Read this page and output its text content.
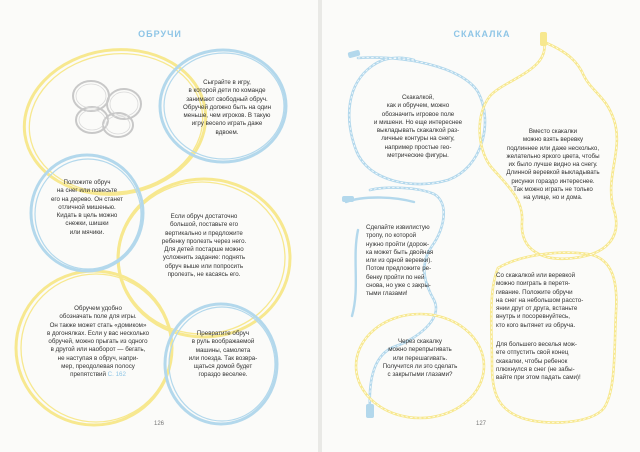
ОБРУЧИ
Сыграйте в игру,
в которой дети по команде
занимают свободный обруч.
Обручей должно быть на один
меньше, чем игроков. В такую
игру весело играть даже
вдвоем.
Положите обруч
на снег или повесьте
его на дерево. Он станет
отличной мишенью.
Кидать в цель можно
снежки, шишки
или мячики.
Если обруч достаточно
большой, поставьте его
вертикально и предложите
ребенку пролезть через него.
Для детей постарше можно
усложнить задание: поднять
обруч выше или попросить
пролезть, не касаясь его.
Обручем удобно
обозначать поле для игры.
Он также может стать «домиком»
в догонялках. Если у вас несколько
обручей, можно прыгать из одного
в другой или наоборот — бегать,
не наступая в обруч, напри-
мер, преодолевая полосу
препятствий С. 162
Превратите обруч
в руль воображаемой
машины, самолета
или поезда. Так возвра-
щаться домой будет
гораздо веселее.
126
СКАКАЛКА
Скакалкой,
как и обручем, можно
обозначить игровое поле
и мишени. Но еще интереснее
выкладывать скакалкой раз-
личные контуры на снегу,
например простые гео-
метрические фигуры.
Вместо скакалки
можно взять веревку
подлиннее или даже несколько,
желательно яркого цвета, чтобы
их было лучше видно на снегу.
Длинной веревкой выкладывать
рисунки гораздо интереснее.
Так можно играть не только
на улице, но и дома.
Сделайте извилистую
тропу, по которой
нужно пройти (дорож-
ка может быть двойная
или из одной веревки).
Потом предложите ре-
бенку пройти по ней
снова, но уже с закры-
тыми глазами!
Со скакалкой или веревкой
можно поиграть в перетя-
гивание. Положите обручи
на снег на небольшом рассто-
янии друг от друга, встаньте
внутрь и посоревнуйтесь,
кто кого вытянет из обруча.
Для большего веселья мож-
ете отпустить свой конец
скакалки, чтобы ребенок
плюхнулся в снег (не забы-
вайте при этом падать сами)!
Через скакалку
можно перепрыгивать
или перешагивать.
Получится ли это сделать
с закрытыми глазами?
127
